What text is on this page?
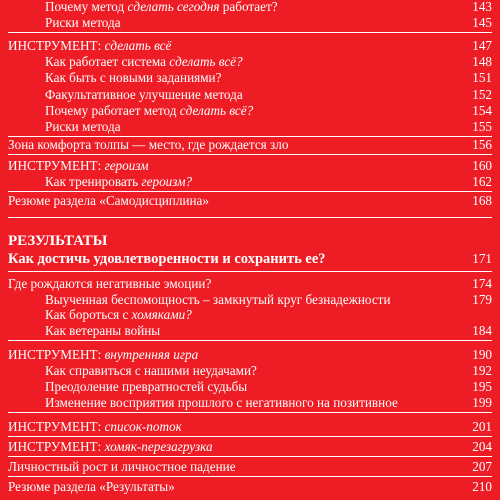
Почему метод сделать сегодня работает?	143
Риски метода	145
ИНСТРУМЕНТ: сделать всё	147
Как работает система сделать всё?	148
Как быть с новыми заданиями?	151
Факультативное улучшение метода	152
Почему работает метод сделать всё?	154
Риски метода	155
Зона комфорта толпы — место, где рождается зло	156
ИНСТРУМЕНТ: героизм	160
Как тренировать героизм?	162
Резюме раздела «Самодисциплина»	168
РЕЗУЛЬТАТЫ
Как достичь удовлетворенности и сохранить ее?	171
Где рождаются негативные эмоции?	174
Выученная беспомощность – замкнутый круг безнадежности	179
Как бороться с хомяками?
Как ветераны войны	184
ИНСТРУМЕНТ: внутренняя игра	190
Как справиться с нашими неудачами?	192
Преодоление превратностей судьбы	195
Изменение восприятия прошлого с негативного на позитивное	199
ИНСТРУМЕНТ: список-поток	201
ИНСТРУМЕНТ: хомяк-перезагрузка	204
Личностный рост и личностное падение	207
Резюме раздела «Результаты»	210
